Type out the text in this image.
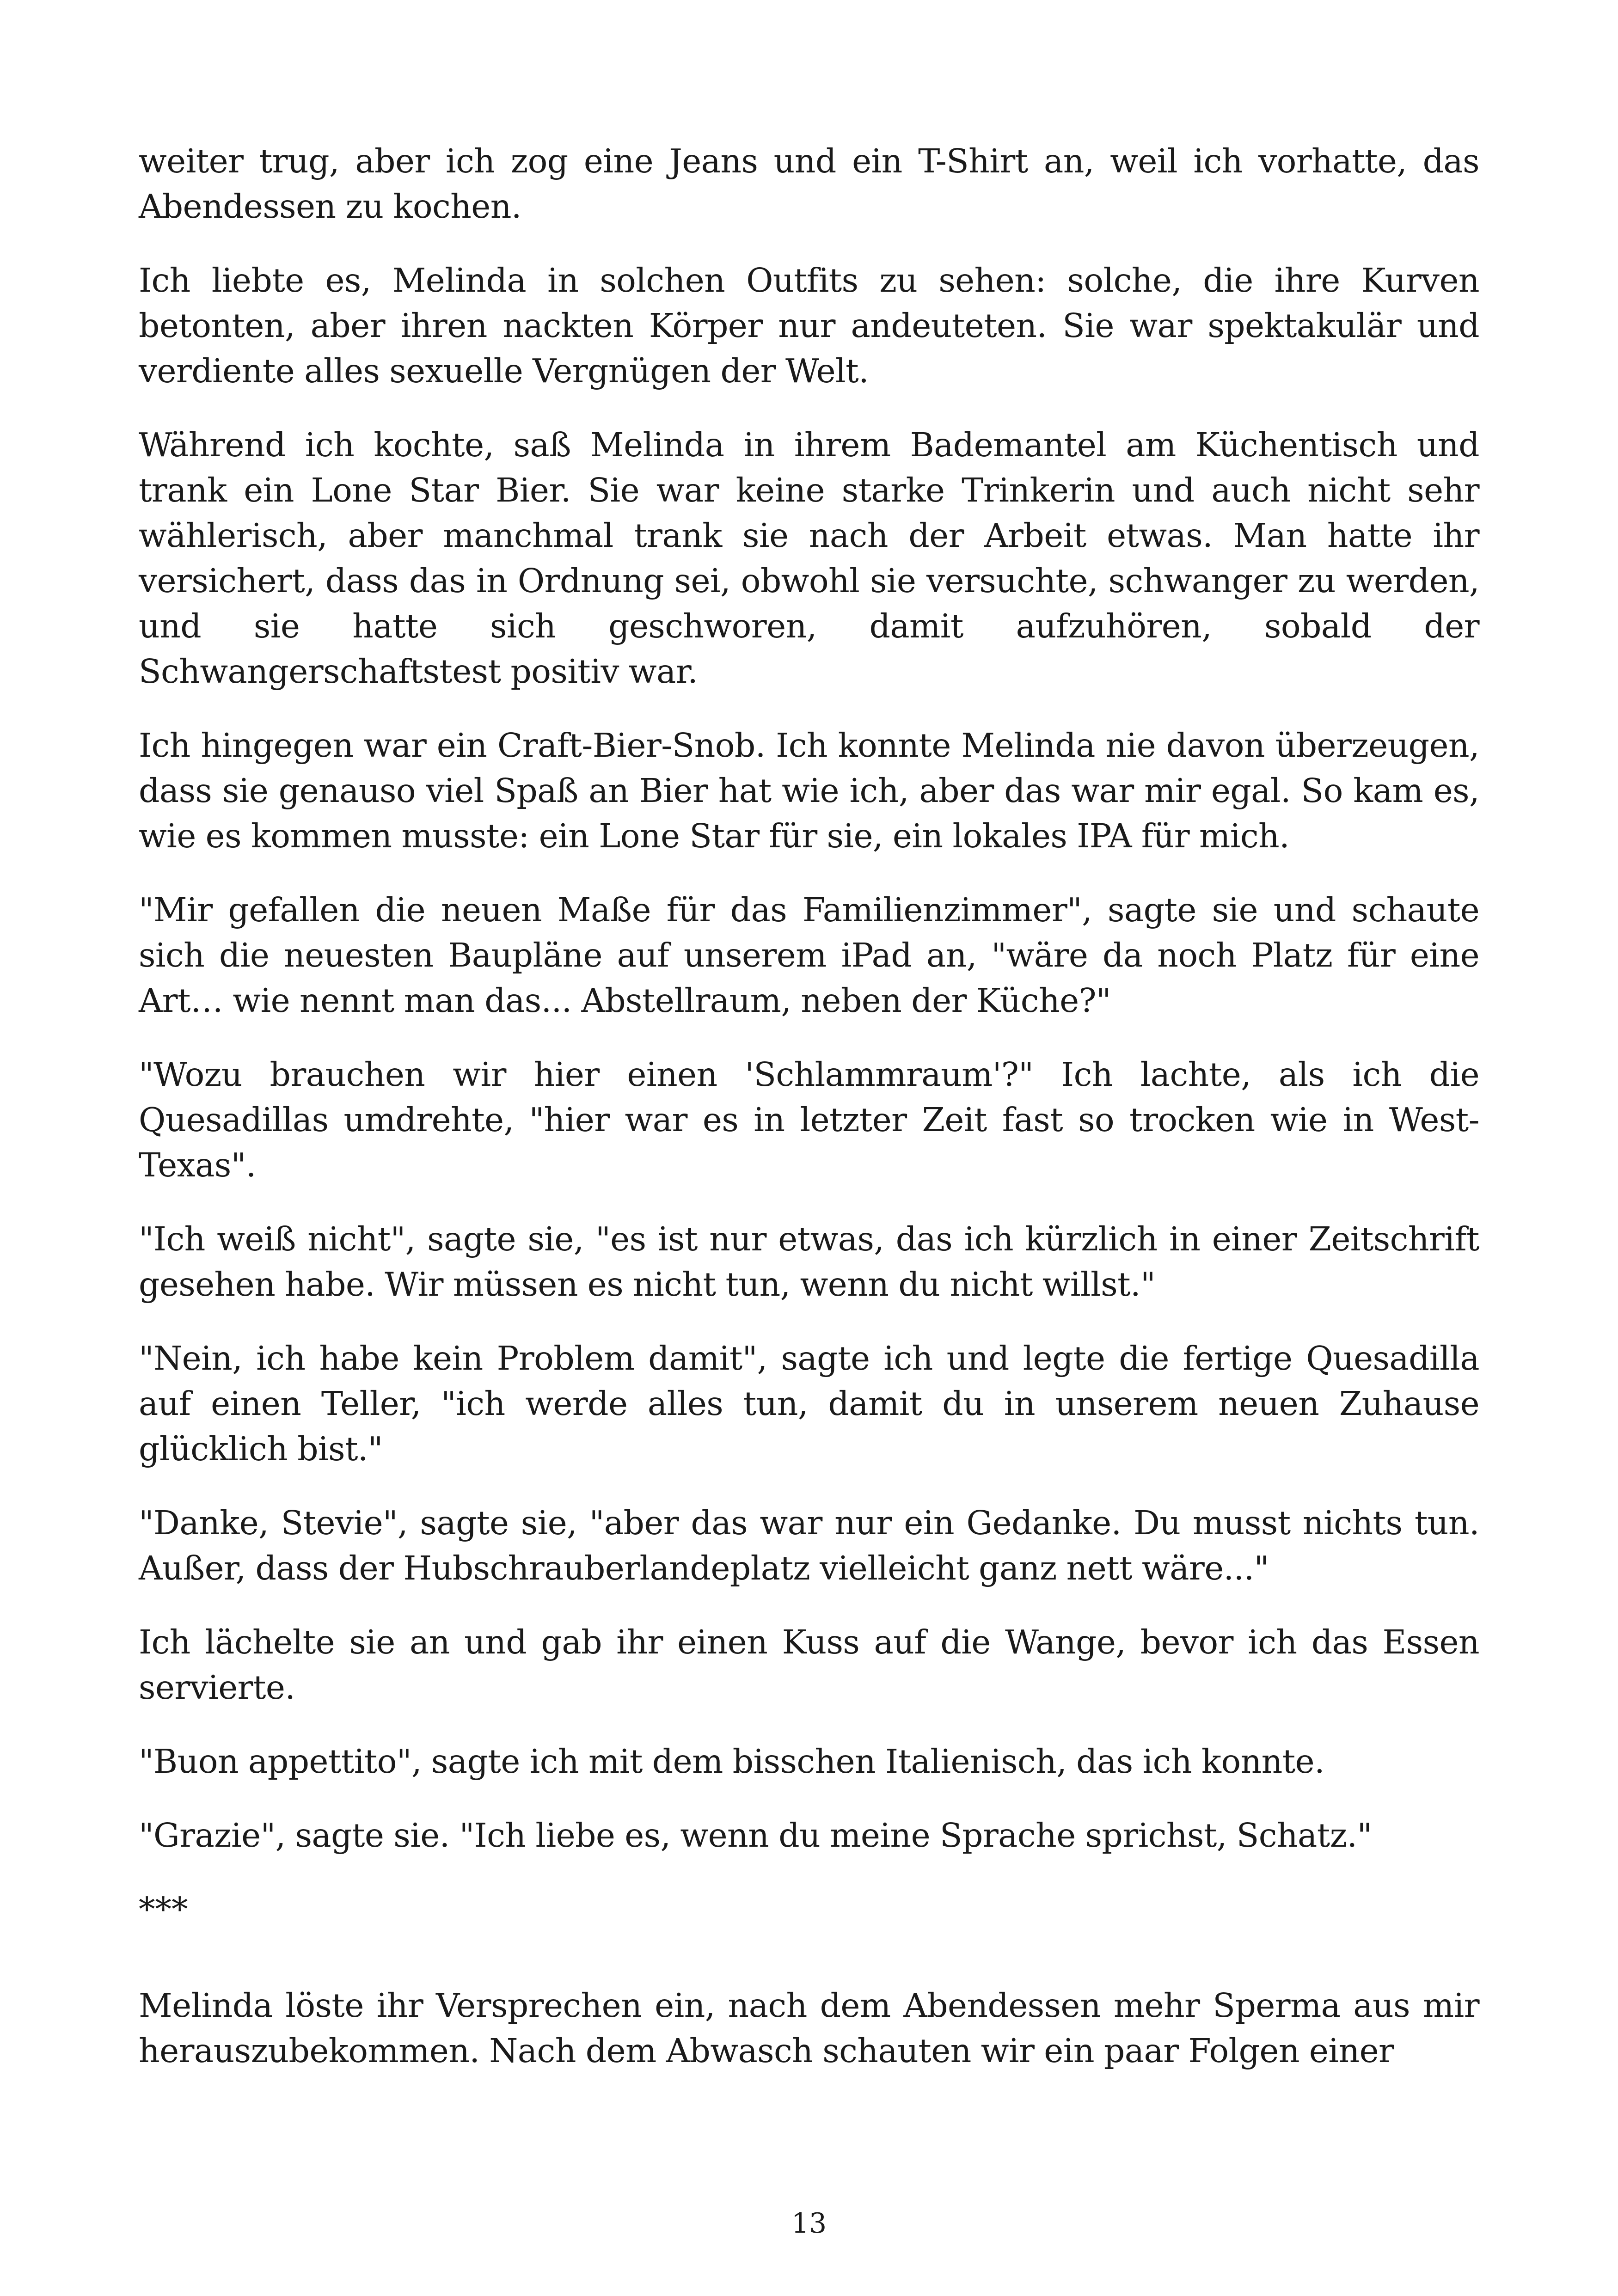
weiter trug, aber ich zog eine Jeans und ein T-Shirt an, weil ich vorhatte, das Abendessen zu kochen.

Ich liebte es, Melinda in solchen Outfits zu sehen: solche, die ihre Kurven betonten, aber ihren nackten Körper nur andeuteten. Sie war spektakulär und verdiente alles sexuelle Vergnügen der Welt.

Während ich kochte, saß Melinda in ihrem Bademantel am Küchentisch und trank ein Lone Star Bier. Sie war keine starke Trinkerin und auch nicht sehr wählerisch, aber manchmal trank sie nach der Arbeit etwas. Man hatte ihr versichert, dass das in Ordnung sei, obwohl sie versuchte, schwanger zu werden, und sie hatte sich geschworen, damit aufzuhören, sobald der Schwangerschaftstest positiv war.

Ich hingegen war ein Craft-Bier-Snob. Ich konnte Melinda nie davon überzeugen, dass sie genauso viel Spaß an Bier hat wie ich, aber das war mir egal. So kam es, wie es kommen musste: ein Lone Star für sie, ein lokales IPA für mich.

"Mir gefallen die neuen Maße für das Familienzimmer", sagte sie und schaute sich die neuesten Baupläne auf unserem iPad an, "wäre da noch Platz für eine Art… wie nennt man das... Abstellraum, neben der Küche?"

"Wozu brauchen wir hier einen 'Schlammraum'?" Ich lachte, als ich die Quesadillas umdrehte, "hier war es in letzter Zeit fast so trocken wie in West-Texas".

"Ich weiß nicht", sagte sie, "es ist nur etwas, das ich kürzlich in einer Zeitschrift gesehen habe. Wir müssen es nicht tun, wenn du nicht willst."

"Nein, ich habe kein Problem damit", sagte ich und legte die fertige Quesadilla auf einen Teller, "ich werde alles tun, damit du in unserem neuen Zuhause glücklich bist."

"Danke, Stevie", sagte sie, "aber das war nur ein Gedanke. Du musst nichts tun. Außer, dass der Hubschrauberlandeplatz vielleicht ganz nett wäre..."

Ich lächelte sie an und gab ihr einen Kuss auf die Wange, bevor ich das Essen servierte.

"Buon appettito", sagte ich mit dem bisschen Italienisch, das ich konnte.

"Grazie", sagte sie. "Ich liebe es, wenn du meine Sprache sprichst, Schatz."

***

Melinda löste ihr Versprechen ein, nach dem Abendessen mehr Sperma aus mir herauszubekommen. Nach dem Abwasch schauten wir ein paar Folgen einer

13
